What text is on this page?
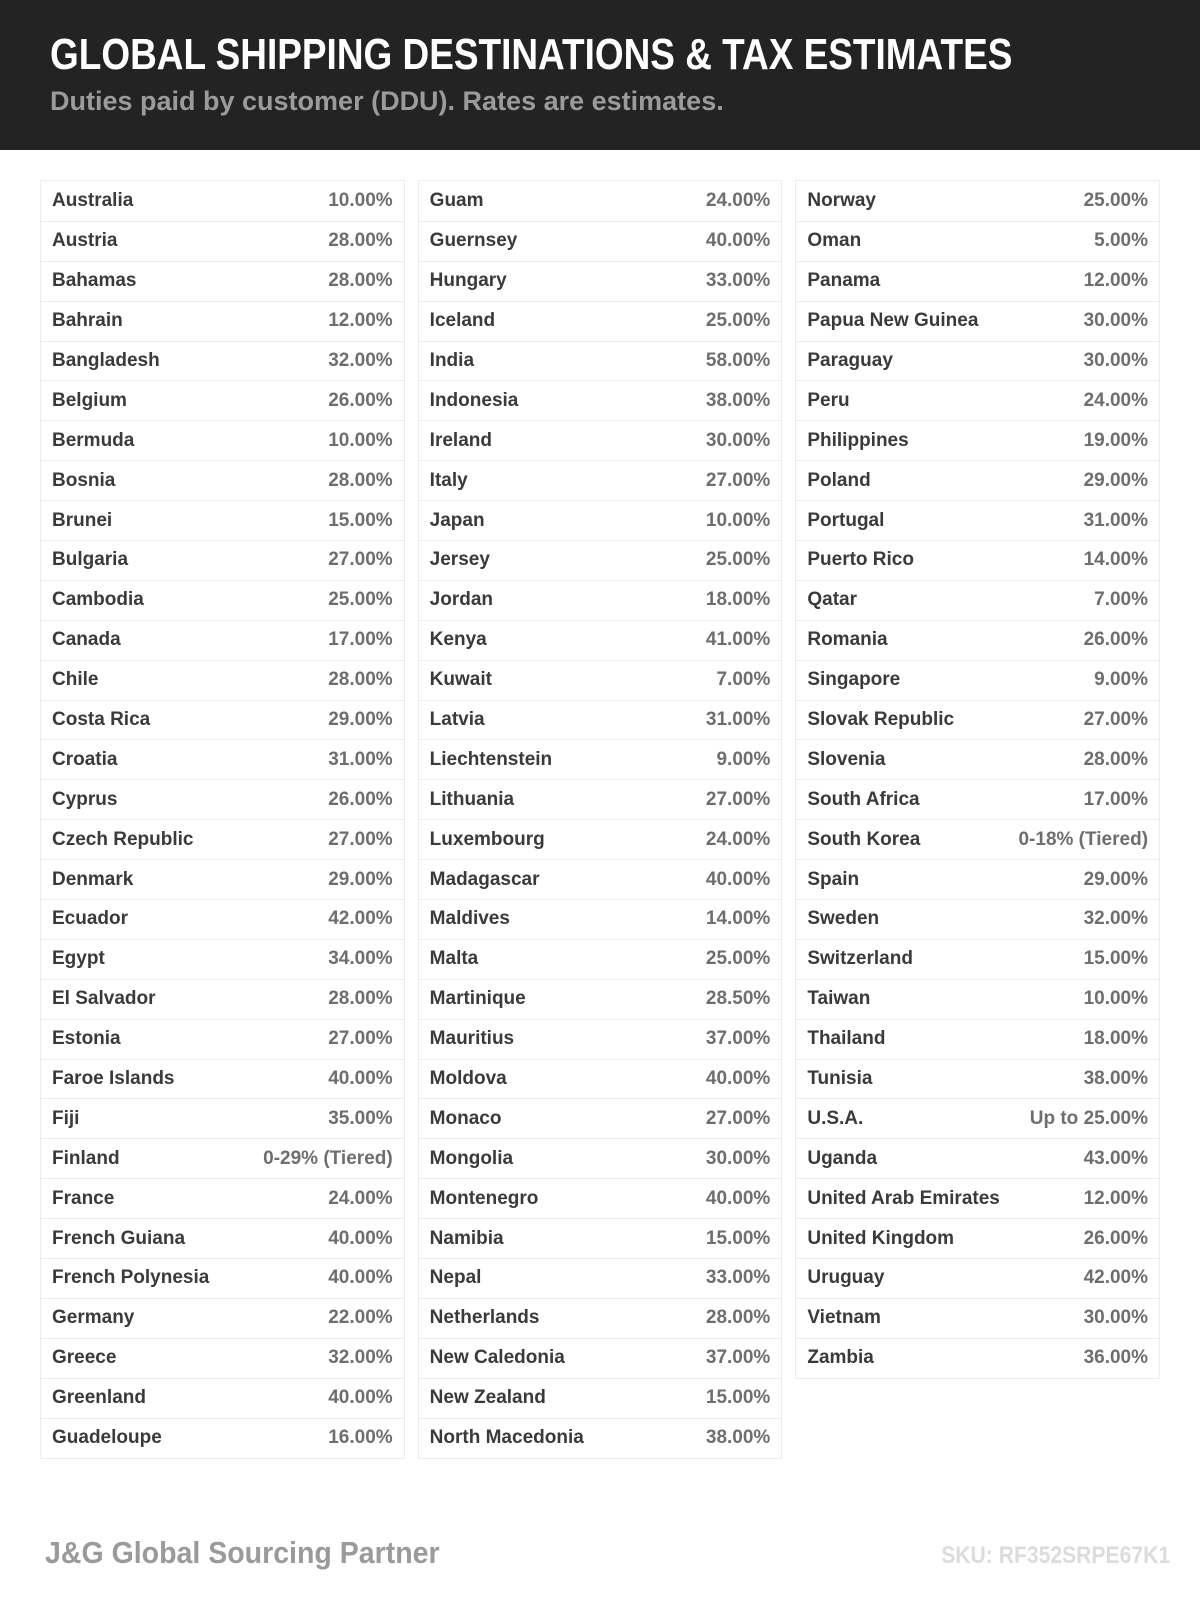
GLOBAL SHIPPING DESTINATIONS & TAX ESTIMATES

Duties paid by customer (DDU). Rates are estimates.

Australia	10.00%
Austria	28.00%
Bahamas	28.00%
Bahrain	12.00%
Bangladesh	32.00%
Belgium	26.00%
Bermuda	10.00%
Bosnia	28.00%
Brunei	15.00%
Bulgaria	27.00%
Cambodia	25.00%
Canada	17.00%
Chile	28.00%
Costa Rica	29.00%
Croatia	31.00%
Cyprus	26.00%
Czech Republic	27.00%
Denmark	29.00%
Ecuador	42.00%
Egypt	34.00%
El Salvador	28.00%
Estonia	27.00%
Faroe Islands	40.00%
Fiji	35.00%
Finland	0-29% (Tiered)
France	24.00%
French Guiana	40.00%
French Polynesia	40.00%
Germany	22.00%
Greece	32.00%
Greenland	40.00%
Guadeloupe	16.00%
Guam	24.00%
Guernsey	40.00%
Hungary	33.00%
Iceland	25.00%
India	58.00%
Indonesia	38.00%
Ireland	30.00%
Italy	27.00%
Japan	10.00%
Jersey	25.00%
Jordan	18.00%
Kenya	41.00%
Kuwait	7.00%
Latvia	31.00%
Liechtenstein	9.00%
Lithuania	27.00%
Luxembourg	24.00%
Madagascar	40.00%
Maldives	14.00%
Malta	25.00%
Martinique	28.50%
Mauritius	37.00%
Moldova	40.00%
Monaco	27.00%
Mongolia	30.00%
Montenegro	40.00%
Namibia	15.00%
Nepal	33.00%
Netherlands	28.00%
New Caledonia	37.00%
New Zealand	15.00%
North Macedonia	38.00%
Norway	25.00%
Oman	5.00%
Panama	12.00%
Papua New Guinea	30.00%
Paraguay	30.00%
Peru	24.00%
Philippines	19.00%
Poland	29.00%
Portugal	31.00%
Puerto Rico	14.00%
Qatar	7.00%
Romania	26.00%
Singapore	9.00%
Slovak Republic	27.00%
Slovenia	28.00%
South Africa	17.00%
South Korea	0-18% (Tiered)
Spain	29.00%
Sweden	32.00%
Switzerland	15.00%
Taiwan	10.00%
Thailand	18.00%
Tunisia	38.00%
U.S.A.	Up to 25.00%
Uganda	43.00%
United Arab Emirates	12.00%
United Kingdom	26.00%
Uruguay	42.00%
Vietnam	30.00%
Zambia	36.00%
J&G Global Sourcing Partner	SKU: RF352SRPE67K1
